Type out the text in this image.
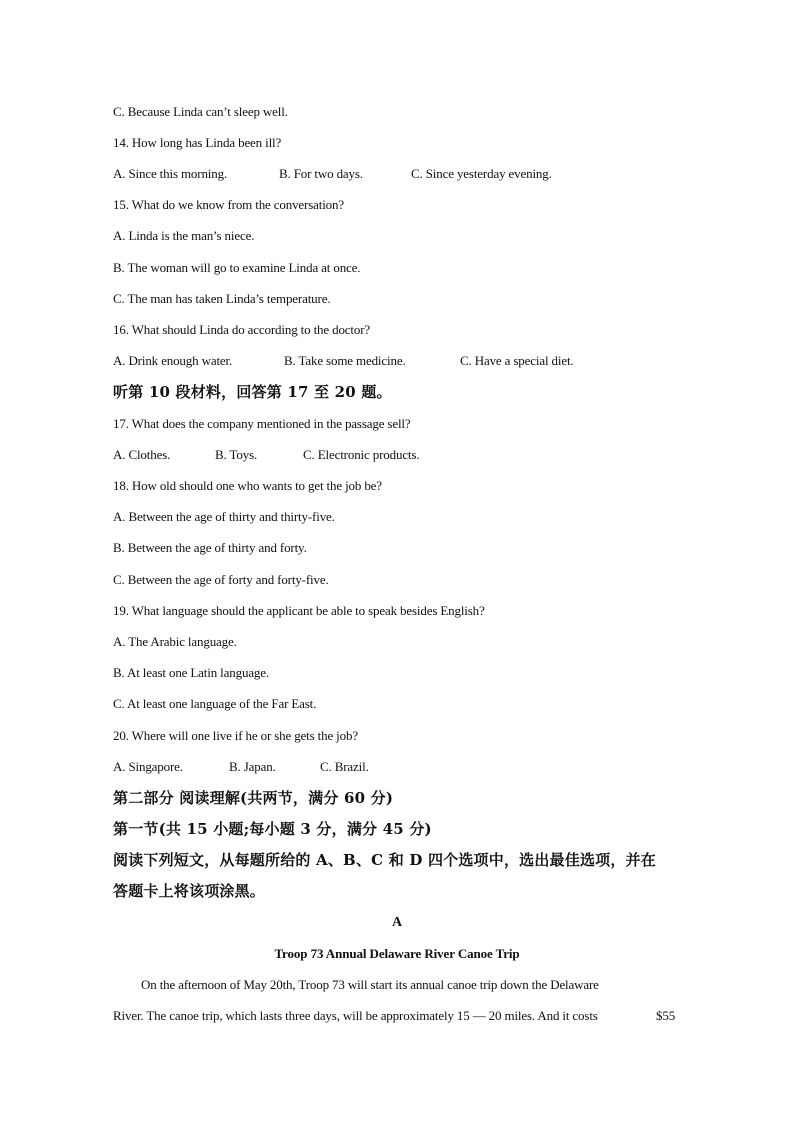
C. Because Linda can’t sleep well.
14. How long has Linda been ill?
A. Since this morning.	B. For two days.	C. Since yesterday evening.
15. What do we know from the conversation?
A. Linda is the man’s niece.
B. The woman will go to examine Linda at once.
C. The man has taken Linda’s temperature.
16. What should Linda do according to the doctor?
A. Drink enough water.	B. Take some medicine.	C. Have a special diet.
听第 10 段材料，回答第 17 至 20 题。
17. What does the company mentioned in the passage sell?
A. Clothes.	B. Toys.	C. Electronic products.
18. How old should one who wants to get the job be?
A. Between the age of thirty and thirty-five.
B. Between the age of thirty and forty.
C. Between the age of forty and forty-five.
19. What language should the applicant be able to speak besides English?
A. The Arabic language.
B. At least one Latin language.
C. At least one language of the Far East.
20. Where will one live if he or she gets the job?
A. Singapore.	B. Japan.	C. Brazil.
第二部分 阅读理解(共两节，满分 60 分)
第一节(共 15 小题;每小题 3 分，满分 45 分)
阅读下列短文，从每题所给的 A、B、C 和 D 四个选项中，选出最佳选项，并在
答题卡上将该项涂黑。
A
Troop 73 Annual Delaware River Canoe Trip
On the afternoon of May 20th, Troop 73 will start its annual canoe trip down the Delaware
River. The canoe trip, which lasts three days, will be approximately 15 — 20 miles. And it costs	$55
